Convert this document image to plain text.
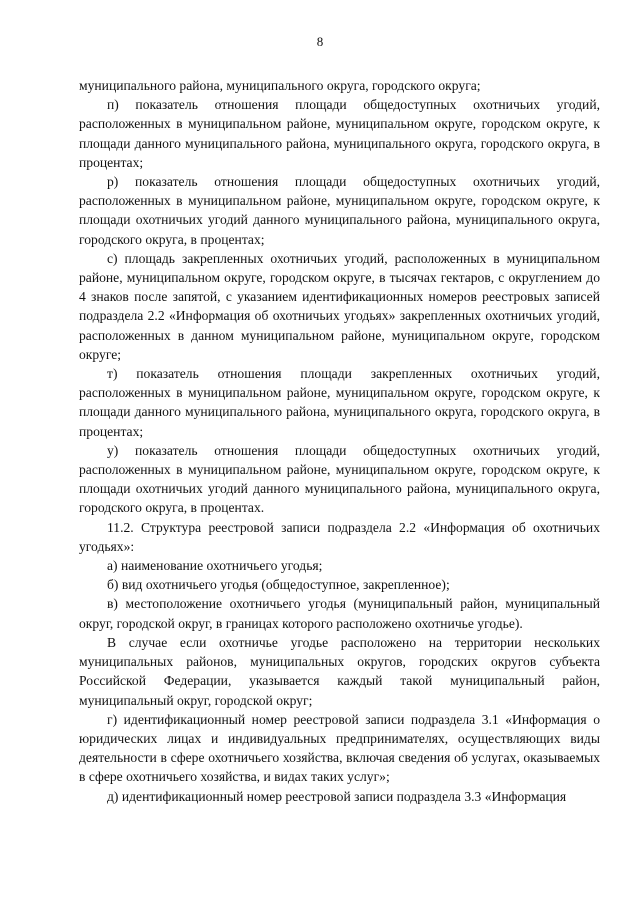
8

муниципального района, муниципального округа, городского округа;

п) показатель отношения площади общедоступных охотничьих угодий, расположенных в муниципальном районе, муниципальном округе, городском округе, к площади данного муниципального района, муниципального округа, городского округа, в процентах;

р) показатель отношения площади общедоступных охотничьих угодий, расположенных в муниципальном районе, муниципальном округе, городском округе, к площади охотничьих угодий данного муниципального района, муниципального округа, городского округа, в процентах;

с) площадь закрепленных охотничьих угодий, расположенных в муниципальном районе, муниципальном округе, городском округе, в тысячах гектаров, с округлением до 4 знаков после запятой, с указанием идентификационных номеров реестровых записей подраздела 2.2 «Информация об охотничьих угодьях» закрепленных охотничьих угодий, расположенных в данном муниципальном районе, муниципальном округе, городском округе;

т) показатель отношения площади закрепленных охотничьих угодий, расположенных в муниципальном районе, муниципальном округе, городском округе, к площади данного муниципального района, муниципального округа, городского округа, в процентах;

у) показатель отношения площади общедоступных охотничьих угодий, расположенных в муниципальном районе, муниципальном округе, городском округе, к площади охотничьих угодий данного муниципального района, муниципального округа, городского округа, в процентах.

11.2. Структура реестровой записи подраздела 2.2 «Информация об охотничьих угодьях»:

а) наименование охотничьего угодья;

б) вид охотничьего угодья (общедоступное, закрепленное);

в) местоположение охотничьего угодья (муниципальный район, муниципальный округ, городской округ, в границах которого расположено охотничье угодье).

В случае если охотничье угодье расположено на территории нескольких муниципальных районов, муниципальных округов, городских округов субъекта Российской Федерации, указывается каждый такой муниципальный район, муниципальный округ, городской округ;

г) идентификационный номер реестровой записи подраздела 3.1 «Информация о юридических лицах и индивидуальных предпринимателях, осуществляющих виды деятельности в сфере охотничьего хозяйства, включая сведения об услугах, оказываемых в сфере охотничьего хозяйства, и видах таких услуг»;

д) идентификационный номер реестровой записи подраздела 3.3 «Информация
